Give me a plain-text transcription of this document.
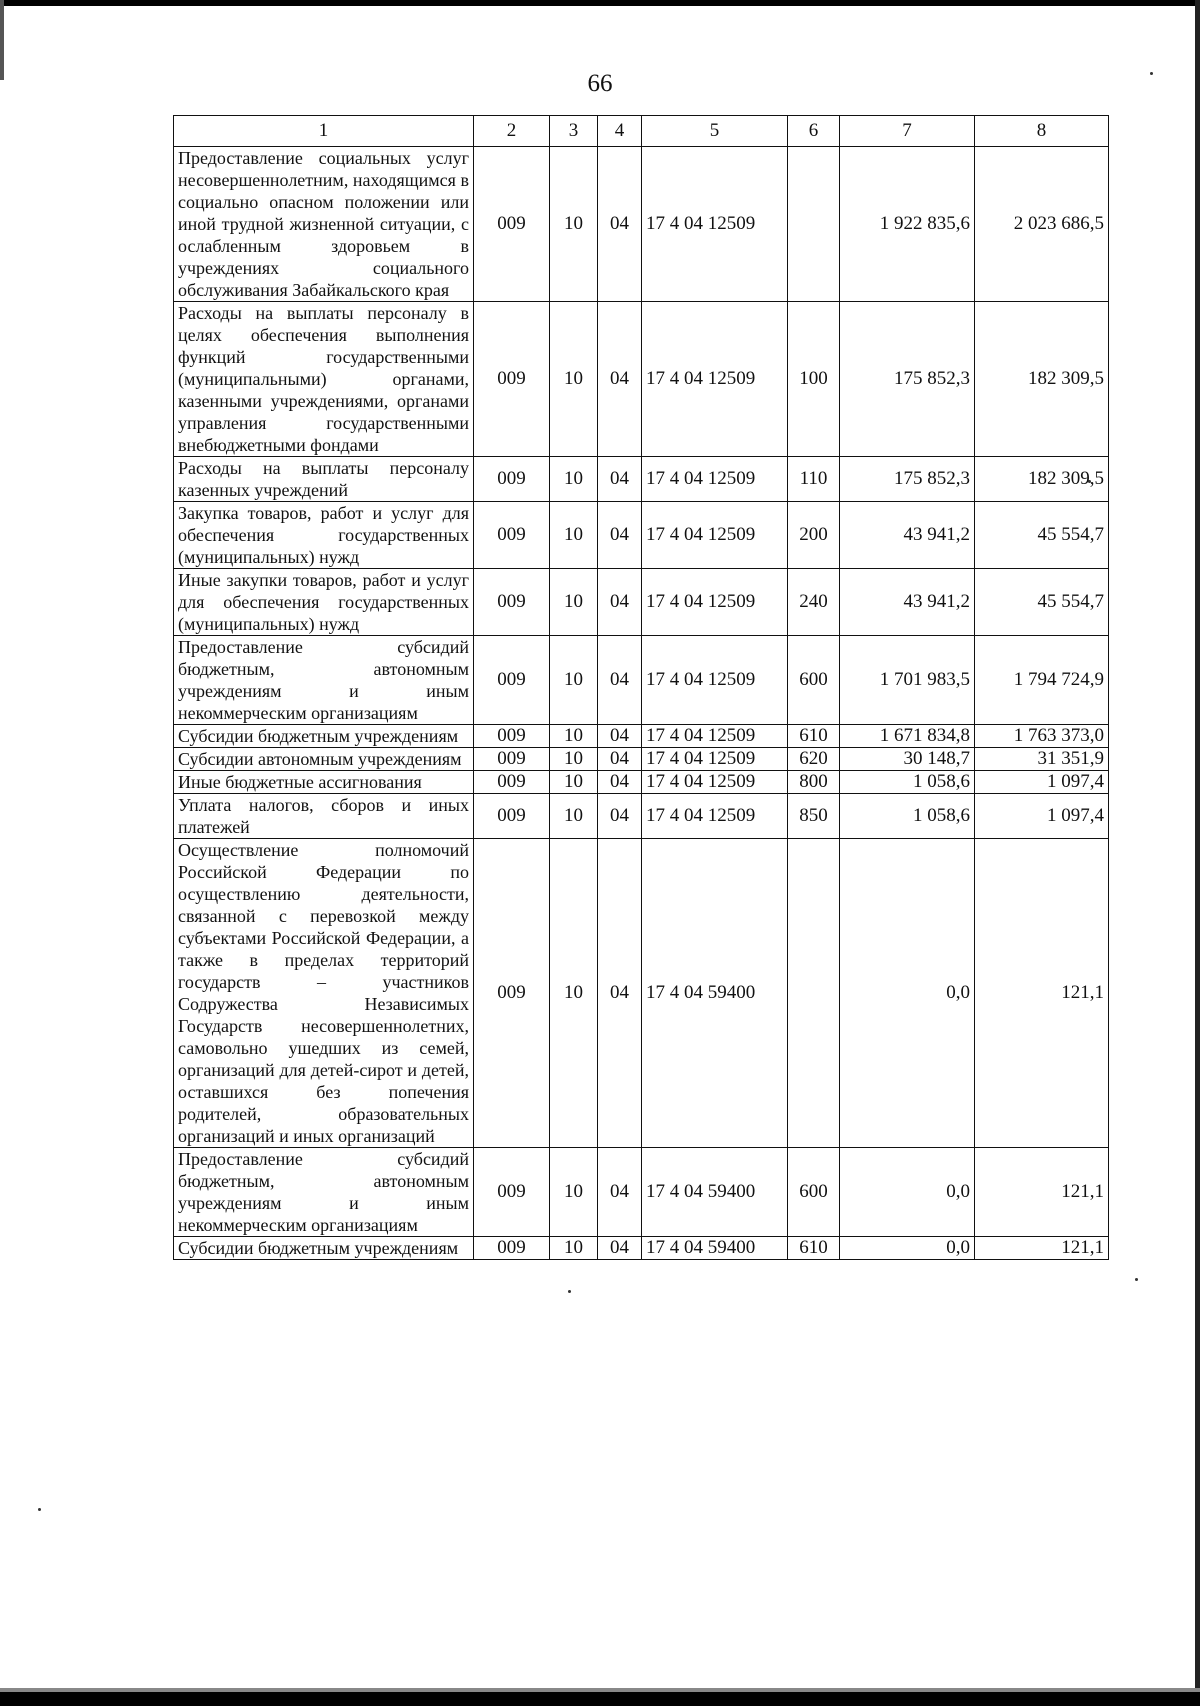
66
1	2	3	4	5	6	7	8
Предоставление социальных услуг несовершеннолетним, находящимся в социально опасном положении или иной трудной жизненной ситуации, с ослабленным здоровьем в учреждениях социального обслуживания Забайкальского края	009	10	04	17 4 04 12509		1 922 835,6	2 023 686,5
Расходы на выплаты персоналу в целях обеспечения выполнения функций государственными (муниципальными) органами, казенными учреждениями, органами управления государственными внебюджетными фондами	009	10	04	17 4 04 12509	100	175 852,3	182 309,5
Расходы на выплаты персоналу казенных учреждений	009	10	04	17 4 04 12509	110	175 852,3	182 309,5
Закупка товаров, работ и услуг для обеспечения государственных (муниципальных) нужд	009	10	04	17 4 04 12509	200	43 941,2	45 554,7
Иные закупки товаров, работ и услуг для обеспечения государственных (муниципальных) нужд	009	10	04	17 4 04 12509	240	43 941,2	45 554,7
Предоставление субсидий бюджетным, автономным учреждениям и иным некоммерческим организациям	009	10	04	17 4 04 12509	600	1 701 983,5	1 794 724,9
Субсидии бюджетным учреждениям	009	10	04	17 4 04 12509	610	1 671 834,8	1 763 373,0
Субсидии автономным учреждениям	009	10	04	17 4 04 12509	620	30 148,7	31 351,9
Иные бюджетные ассигнования	009	10	04	17 4 04 12509	800	1 058,6	1 097,4
Уплата налогов, сборов и иных платежей	009	10	04	17 4 04 12509	850	1 058,6	1 097,4
Осуществление полномочий Российской Федерации по осуществлению деятельности, связанной с перевозкой между субъектами Российской Федерации, а также в пределах территорий государств – участников Содружества Независимых Государств несовершеннолетних, самовольно ушедших из семей, организаций для детей-сирот и детей, оставшихся без попечения родителей, образовательных организаций и иных организаций	009	10	04	17 4 04 59400		0,0	121,1
Предоставление субсидий бюджетным, автономным учреждениям и иным некоммерческим организациям	009	10	04	17 4 04 59400	600	0,0	121,1
Субсидии бюджетным учреждениям	009	10	04	17 4 04 59400	610	0,0	121,1
